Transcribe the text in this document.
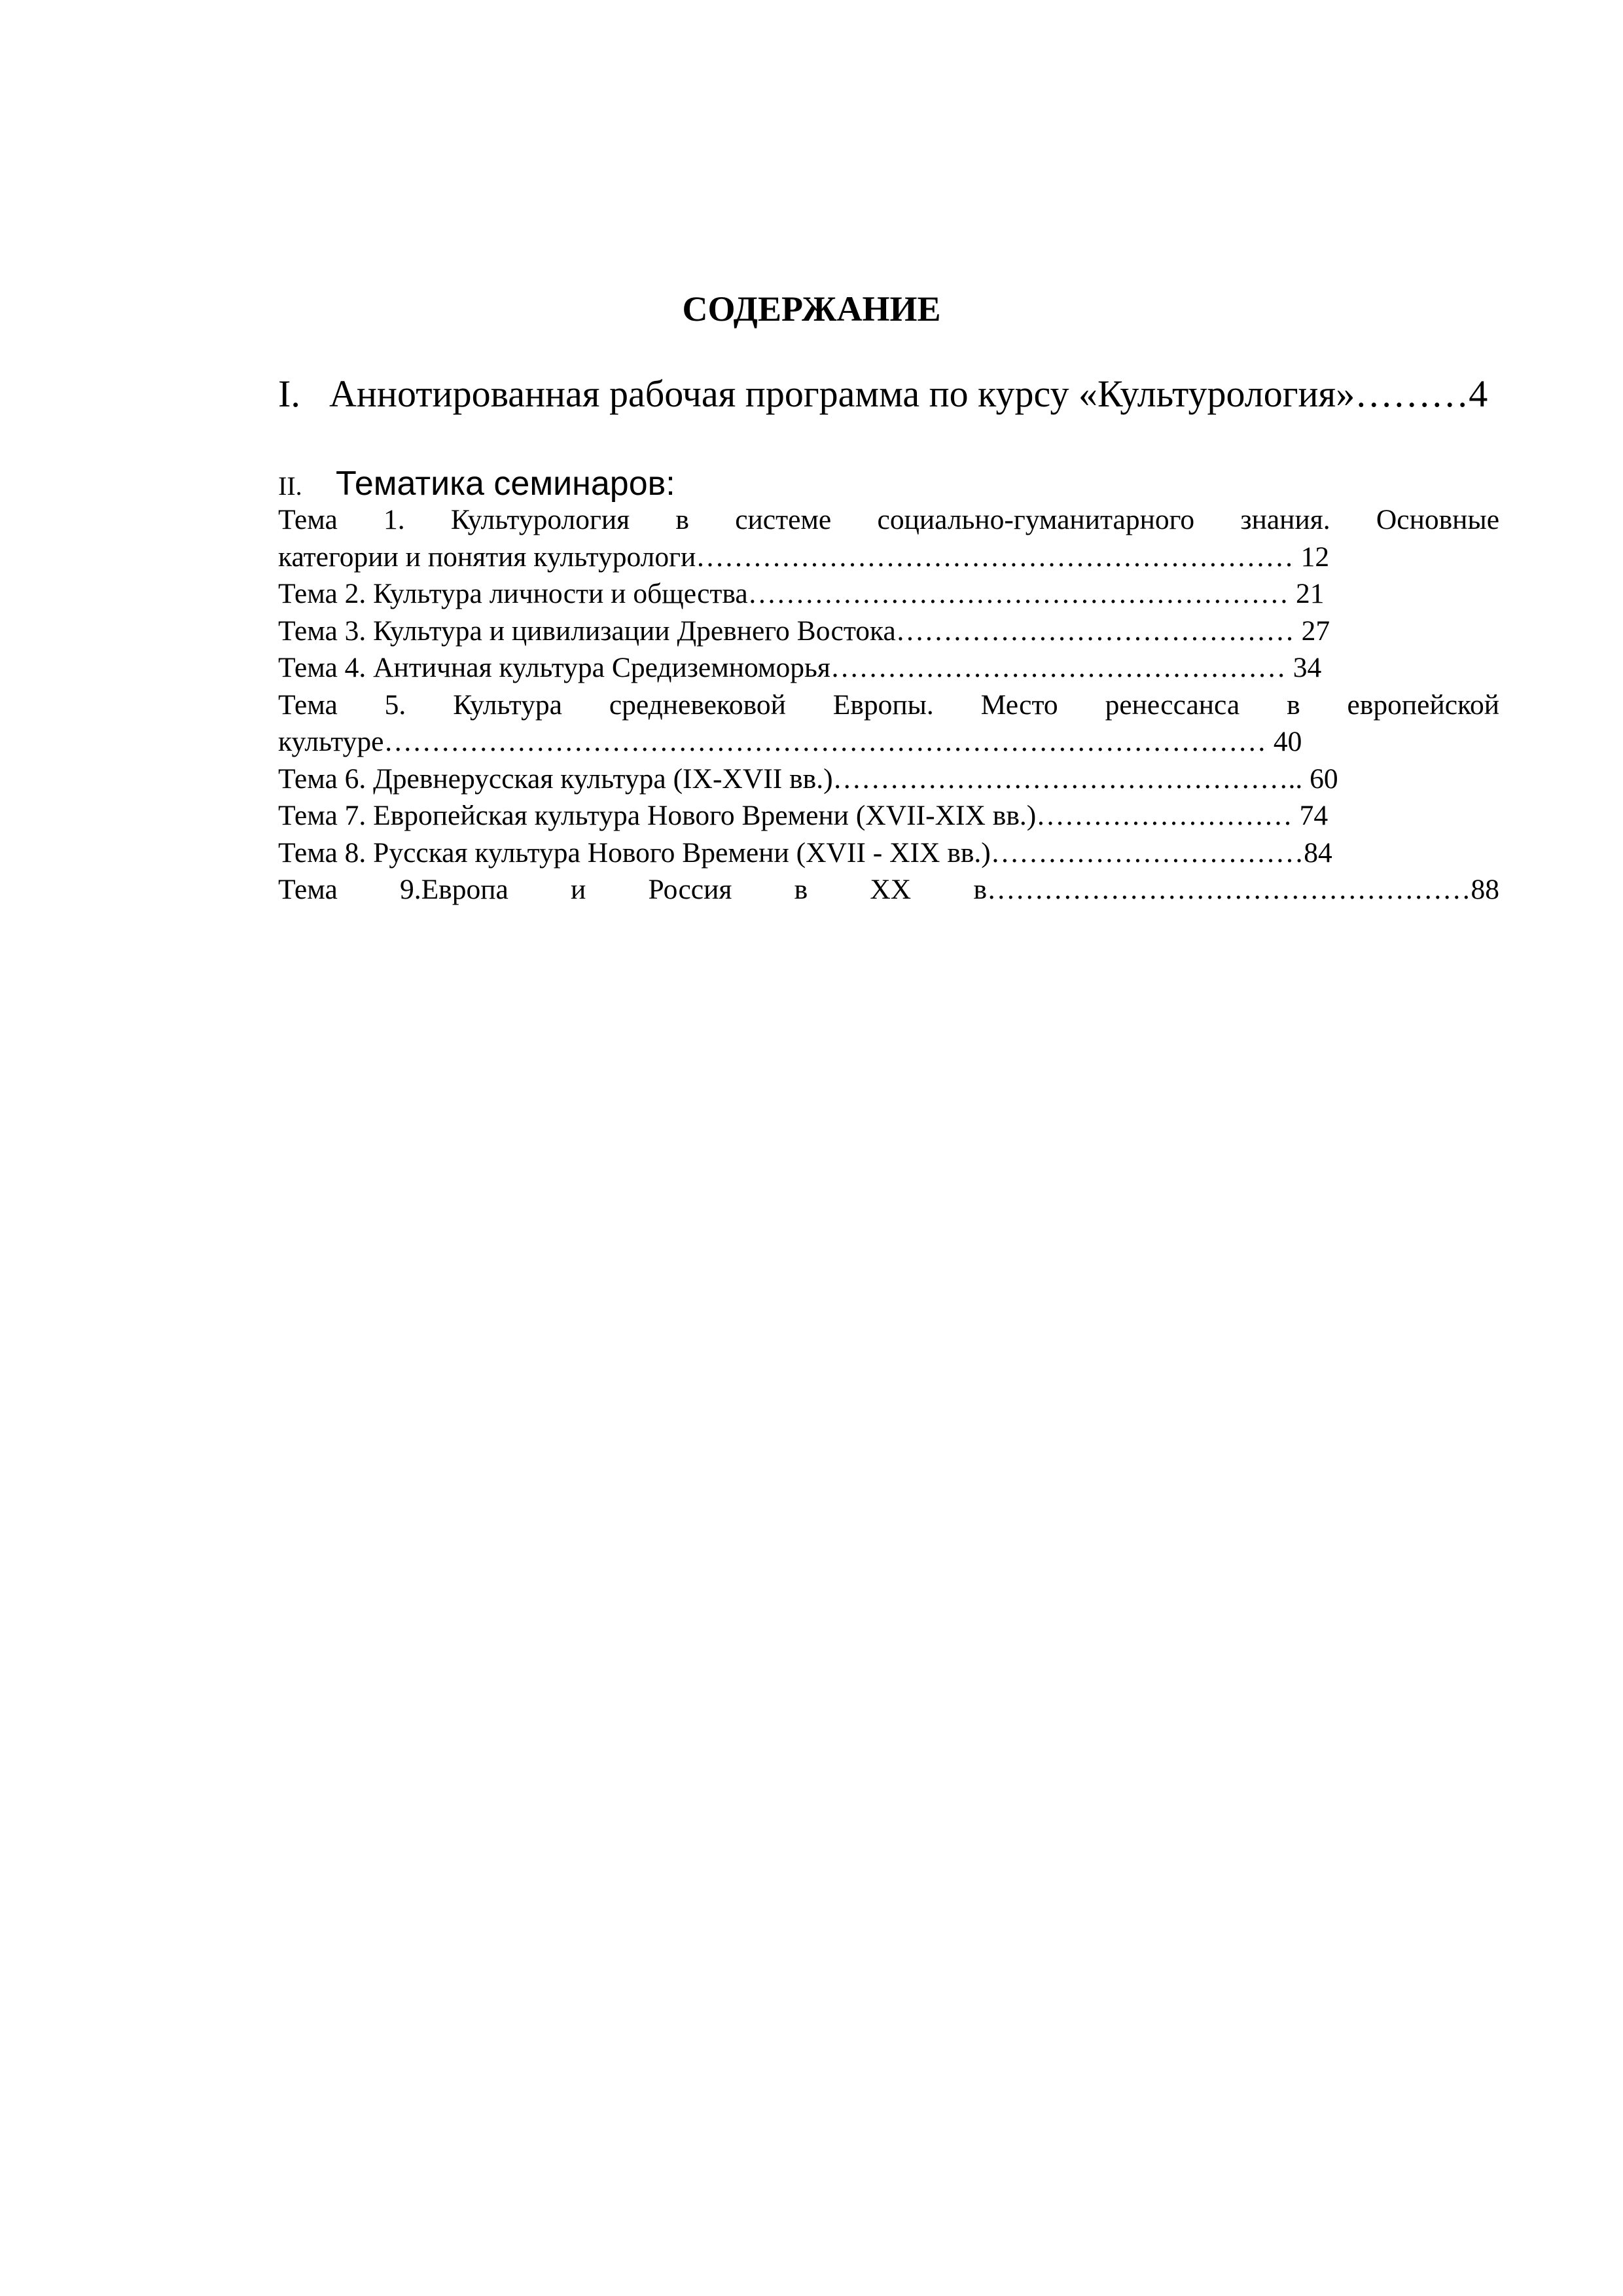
СОДЕРЖАНИЕ
I. Аннотированная рабочая программа по курсу «Культурология»………4
II. Тематика семинаров:
Тема 1. Культурология в системе социально-гуманитарного знания. Основные
категории и понятия культурологи……………………………………………………… 12
Тема 2. Культура личности и общества………………………………………………… 21
Тема 3. Культура и цивилизации Древнего Востока…………………………………… 27
Тема 4. Античная культура Средиземноморья………………………………………… 34
Тема 5. Культура средневековой Европы. Место ренессанса в европейской
культуре………………………………………………………………………………… 40
Тема 6. Древнерусская культура (IX-XVII вв.)………………………………………….. 60
Тема 7. Европейская культура Нового Времени (XVII-XIX вв.)……………………… 74
Тема 8. Русская культура Нового Времени (XVII - XIX вв.)……………………………84
Тема 9.Европа и Россия в XX в……………………………………………88
